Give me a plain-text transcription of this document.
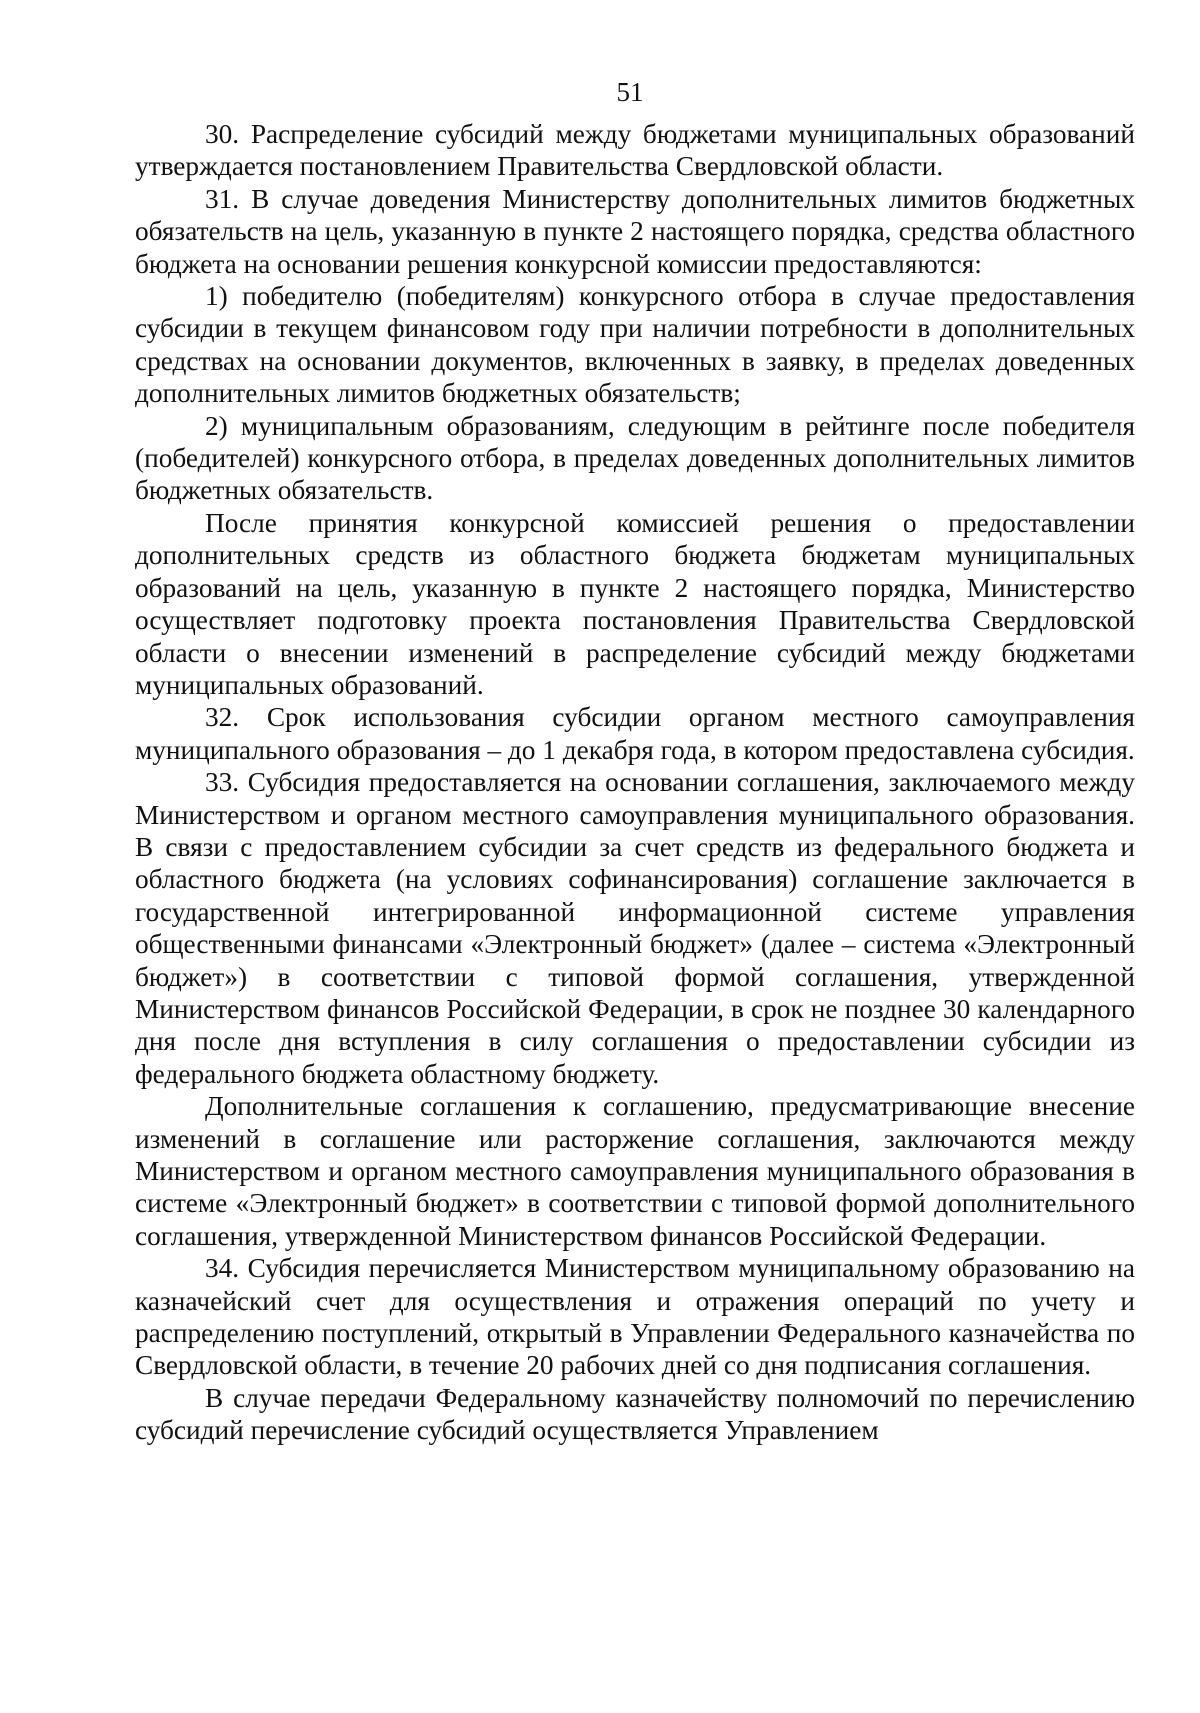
51

30. Распределение субсидий между бюджетами муниципальных образований утверждается постановлением Правительства Свердловской области.

31. В случае доведения Министерству дополнительных лимитов бюджетных обязательств на цель, указанную в пункте 2 настоящего порядка, средства областного бюджета на основании решения конкурсной комиссии предоставляются:

1) победителю (победителям) конкурсного отбора в случае предоставления субсидии в текущем финансовом году при наличии потребности в дополнительных средствах на основании документов, включенных в заявку, в пределах доведенных дополнительных лимитов бюджетных обязательств;

2) муниципальным образованиям, следующим в рейтинге после победителя (победителей) конкурсного отбора, в пределах доведенных дополнительных лимитов бюджетных обязательств.

После принятия конкурсной комиссией решения о предоставлении дополнительных средств из областного бюджета бюджетам муниципальных образований на цель, указанную в пункте 2 настоящего порядка, Министерство осуществляет подготовку проекта постановления Правительства Свердловской области о внесении изменений в распределение субсидий между бюджетами муниципальных образований.

32. Срок использования субсидии органом местного самоуправления муниципального образования – до 1 декабря года, в котором предоставлена субсидия.

33. Субсидия предоставляется на основании соглашения, заключаемого между Министерством и органом местного самоуправления муниципального образования. В связи с предоставлением субсидии за счет средств из федерального бюджета и областного бюджета (на условиях софинансирования) соглашение заключается в государственной интегрированной информационной системе управления общественными финансами «Электронный бюджет» (далее – система «Электронный бюджет») в соответствии с типовой формой соглашения, утвержденной Министерством финансов Российской Федерации, в срок не позднее 30 календарного дня после дня вступления в силу соглашения о предоставлении субсидии из федерального бюджета областному бюджету.

Дополнительные соглашения к соглашению, предусматривающие внесение изменений в соглашение или расторжение соглашения, заключаются между Министерством и органом местного самоуправления муниципального образования в системе «Электронный бюджет» в соответствии с типовой формой дополнительного соглашения, утвержденной Министерством финансов Российской Федерации.

34. Субсидия перечисляется Министерством муниципальному образованию на казначейский счет для осуществления и отражения операций по учету и распределению поступлений, открытый в Управлении Федерального казначейства по Свердловской области, в течение 20 рабочих дней со дня подписания соглашения.

В случае передачи Федеральному казначейству полномочий по перечислению субсидий перечисление субсидий осуществляется Управлением
